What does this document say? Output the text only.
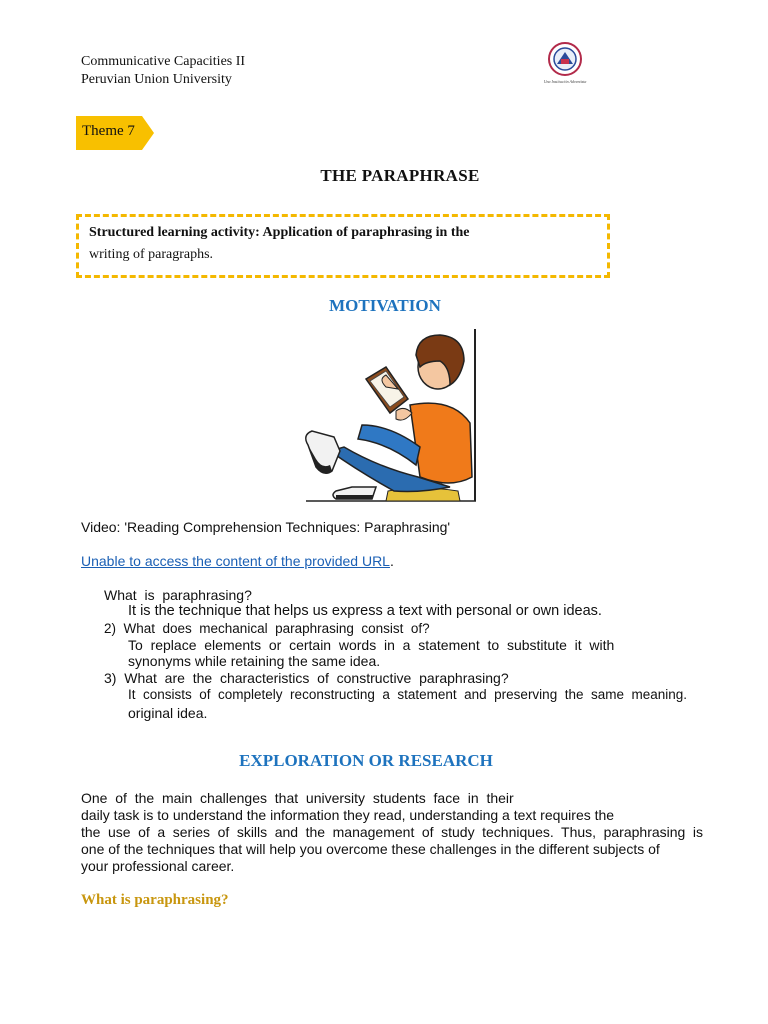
Communicative Capacities II
Peruvian Union University	Una Institución Adventista
Theme 7
THE PARAPHRASE

Structured learning activity: Application of paraphrasing in the
writing of paragraphs.

MOTIVATION
Video: 'Reading Comprehension Techniques: Paraphrasing'
Unable to access the content of the provided URL.
What  is  paraphrasing?
It is the technique that helps us express a text with personal or own ideas.
2)  What  does  mechanical  paraphrasing  consist  of?
To  replace  elements  or  certain  words  in  a  statement  to  substitute  it  with
synonyms while retaining the same idea.
3)  What  are  the  characteristics  of  constructive  paraphrasing?
It  consists  of  completely  reconstructing  a  statement  and  preserving  the  same  meaning.
original idea.
EXPLORATION OR RESEARCH
One  of  the  main  challenges  that  university  students  face  in  their
daily task is to understand the information they read, understanding a text requires the
the use of a series of skills and the management of study techniques. Thus, paraphrasing is
one of the techniques that will help you overcome these challenges in the different subjects of
your professional career.
What is paraphrasing?
